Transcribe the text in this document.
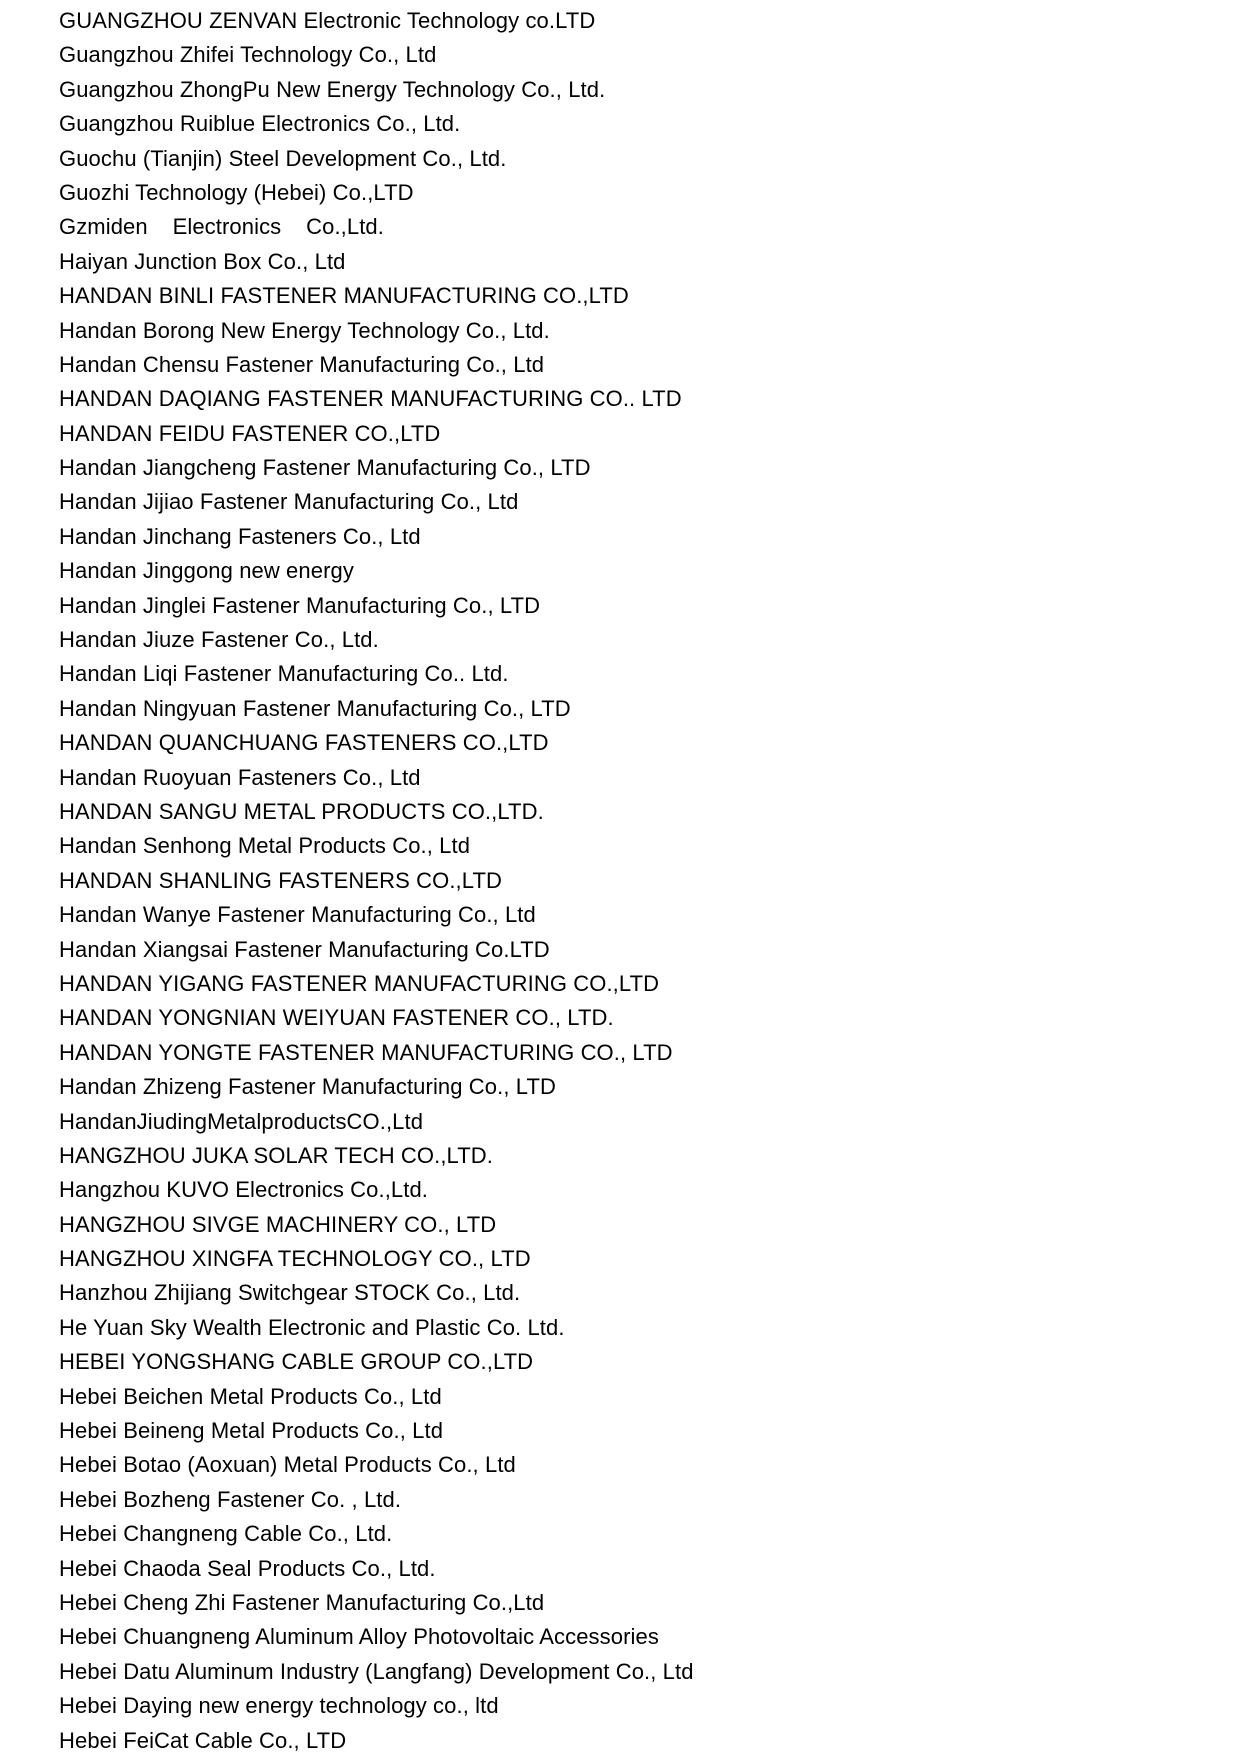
GUANGZHOU ZENVAN Electronic Technology co.LTD
Guangzhou Zhifei Technology Co., Ltd
Guangzhou ZhongPu New Energy Technology Co., Ltd.
Guangzhou Ruiblue Electronics Co., Ltd.
Guochu (Tianjin) Steel Development Co., Ltd.
Guozhi Technology (Hebei) Co.,LTD
Gzmiden    Electronics    Co.,Ltd.
Haiyan Junction Box Co., Ltd
HANDAN BINLI FASTENER MANUFACTURING CO.,LTD
Handan Borong New Energy Technology Co., Ltd.
Handan Chensu Fastener Manufacturing Co., Ltd
HANDAN DAQIANG FASTENER MANUFACTURING CO.. LTD
HANDAN FEIDU FASTENER CO.,LTD
Handan Jiangcheng Fastener Manufacturing Co., LTD
Handan Jijiao Fastener Manufacturing Co., Ltd
Handan Jinchang Fasteners Co., Ltd
Handan Jinggong new energy
Handan Jinglei Fastener Manufacturing Co., LTD
Handan Jiuze Fastener Co., Ltd.
Handan Liqi Fastener Manufacturing Co.. Ltd.
Handan Ningyuan Fastener Manufacturing Co., LTD
HANDAN QUANCHUANG FASTENERS CO.,LTD
Handan Ruoyuan Fasteners Co., Ltd
HANDAN SANGU METAL PRODUCTS CO.,LTD.
Handan Senhong Metal Products Co., Ltd
HANDAN SHANLING FASTENERS CO.,LTD
Handan Wanye Fastener Manufacturing Co., Ltd
Handan Xiangsai Fastener Manufacturing Co.LTD
HANDAN YIGANG FASTENER MANUFACTURING CO.,LTD
HANDAN YONGNIAN WEIYUAN FASTENER CO., LTD.
HANDAN YONGTE FASTENER MANUFACTURING CO., LTD
Handan Zhizeng Fastener Manufacturing Co., LTD
HandanJiudingMetalproductsCO.,Ltd
HANGZHOU JUKA SOLAR TECH CO.,LTD.
Hangzhou KUVO Electronics Co.,Ltd.
HANGZHOU SIVGE MACHINERY CO., LTD
HANGZHOU XINGFA TECHNOLOGY CO., LTD
Hanzhou Zhijiang Switchgear STOCK Co., Ltd.
He Yuan Sky Wealth Electronic and Plastic Co. Ltd.
HEBEI YONGSHANG CABLE GROUP CO.,LTD
Hebei Beichen Metal Products Co., Ltd
Hebei Beineng Metal Products Co., Ltd
Hebei Botao (Aoxuan) Metal Products Co., Ltd
Hebei Bozheng Fastener Co. , Ltd.
Hebei Changneng Cable Co., Ltd.
Hebei Chaoda Seal Products Co., Ltd.
Hebei Cheng Zhi Fastener Manufacturing Co.,Ltd
Hebei Chuangneng Aluminum Alloy Photovoltaic Accessories
Hebei Datu Aluminum Industry (Langfang) Development Co., Ltd
Hebei Daying new energy technology co., ltd
Hebei FeiCat Cable Co., LTD
